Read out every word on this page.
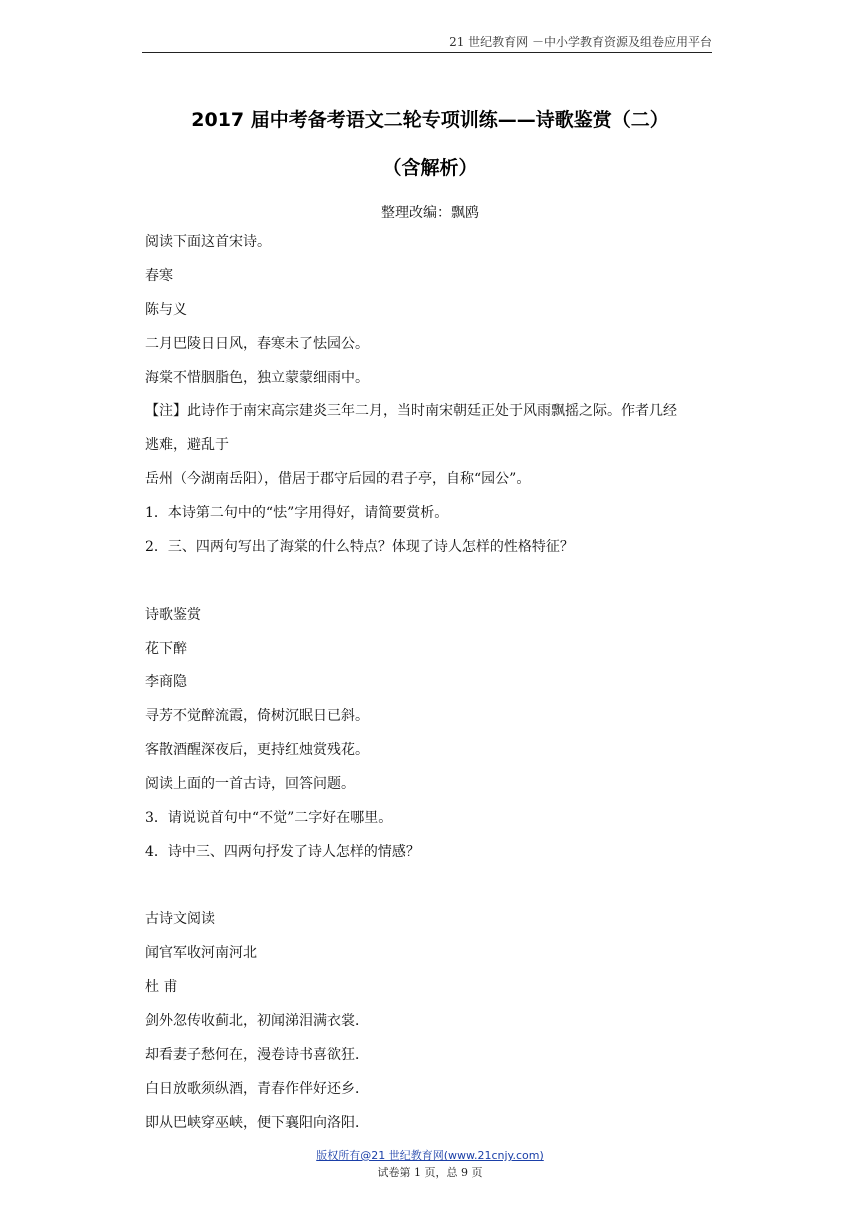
21 世纪教育网 －中小学教育资源及组卷应用平台
2017 届中考备考语文二轮专项训练——诗歌鉴赏（二）
（含解析）
整理改编：飘鸥
阅读下面这首宋诗。
春寒
陈与义
二月巴陵日日风，春寒未了怯园公。
海棠不惜胭脂色，独立蒙蒙细雨中。
【注】此诗作于南宋高宗建炎三年二月，当时南宋朝廷正处于风雨飘摇之际。作者几经
逃难，避乱于
岳州（今湖南岳阳），借居于郡守后园的君子亭，自称“园公”。
1．本诗第二句中的“怯”字用得好，请简要赏析。
2．三、四两句写出了海棠的什么特点？体现了诗人怎样的性格特征？
诗歌鉴赏
花下醉
李商隐
寻芳不觉醉流霞，倚树沉眠日已斜。
客散酒醒深夜后，更持红烛赏残花。
阅读上面的一首古诗，回答问题。
3．请说说首句中“不觉”二字好在哪里。
4．诗中三、四两句抒发了诗人怎样的情感？
古诗文阅读
闻官军收河南河北
杜 甫
剑外忽传收蓟北，初闻涕泪满衣裳．
却看妻子愁何在，漫卷诗书喜欲狂．
白日放歌须纵酒，青春作伴好还乡．
即从巴峡穿巫峡，便下襄阳向洛阳．
版权所有@21 世纪教育网(www.21cnjy.com)
试卷第 1 页，总 9 页
